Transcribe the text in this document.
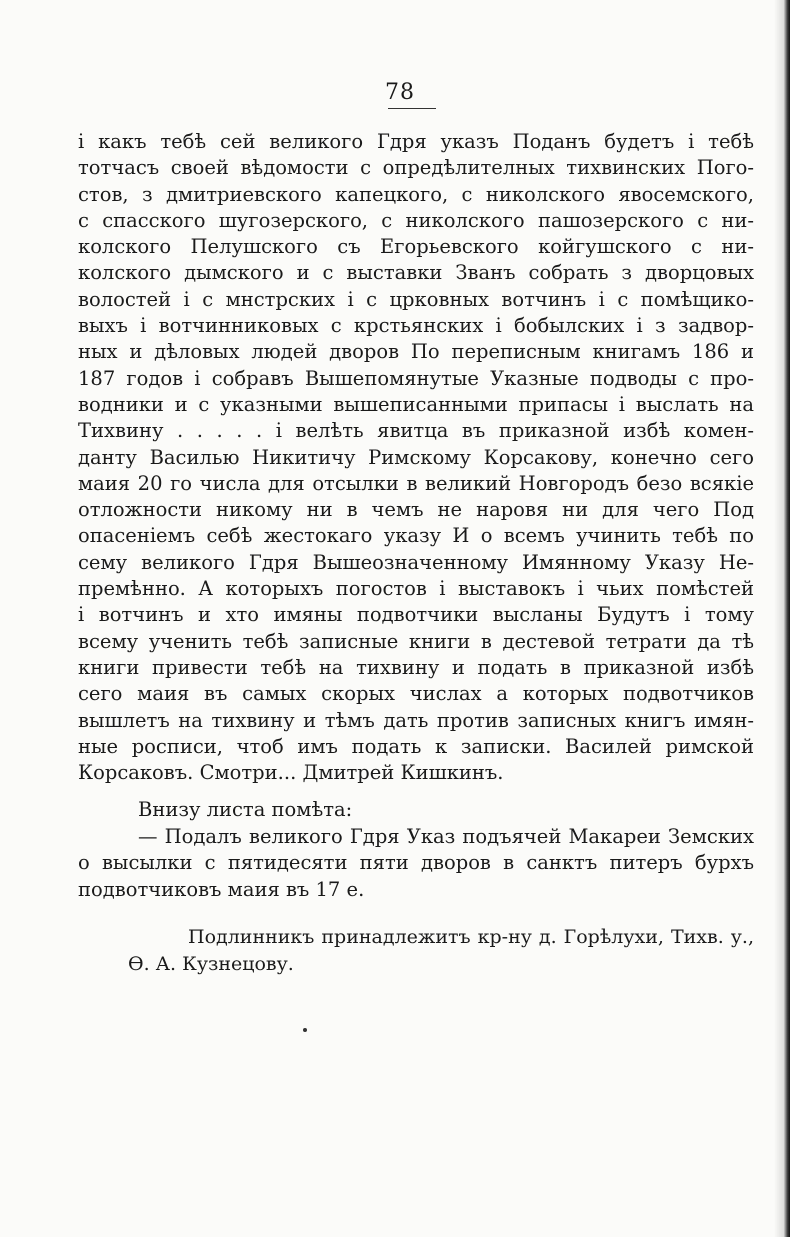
78
і какъ тебѣ сей великого Гдря указъ Поданъ будетъ і тебѣ
тотчасъ своей вѣдомости с опредѣлителных тихвинских Пого-
стов, з дмитриевского капецкого, с николского явосемского,
с спасского шугозерского, с николского пашозерского с ни-
колского Пелушского съ Егорьевского койгушского с ни-
колского дымского и с выставки Званъ собрать з дворцовых
волостей і с мнстрских і с црковных вотчинъ і с помѣщико-
выхъ і вотчинниковых с крстьянских і бобылских і з задвор-
ных и дѣловых людей дворов По переписным книгамъ 186 и
187 годов і собравъ Вышепомянутые Указные подводы с про-
водники и с указными вышеписанными припасы і выслать на
Тихвину . . . . . і велѣть явитца въ приказной избѣ комен-
данту Василью Никитичу Римскому Корсакову, конечно сего
маия 20 го числа для отсылки в великий Новгородъ безо всякіе
отложности никому ни в чемъ не наровя ни для чего Под
опасеніемъ себѣ жестокаго указу И о всемъ учинить тебѣ по
сему великого Гдря Вышеозначенному Имянному Указу Не-
премѣнно. А которыхъ погостов і выставокъ і чьих помѣстей
і вотчинъ и хто имяны подвотчики высланы Будутъ і тому
всему ученить тебѣ записные книги в дестевой тетрати да тѣ
книги привести тебѣ на тихвину и подать в приказной избѣ
сего маия въ самых скорых числах а которых подвотчиков
вышлетъ на тихвину и тѣмъ дать против записных книгъ имян-
ные росписи, чтоб имъ подать к записки. Василей римской
Корсаковъ. Смотри... Дмитрей Кишкинъ.
Внизу листа помѣта:
— Подалъ великого Гдря Указ подъячей Макареи Земских
о высылки с пятидесяти пяти дворов в санктъ питеръ бурхъ
подвотчиковъ маия въ 17 е.
Подлинникъ принадлежитъ кр-ну д. Горѣлухи, Тихв. у.,
Ѳ. А. Кузнецову.
